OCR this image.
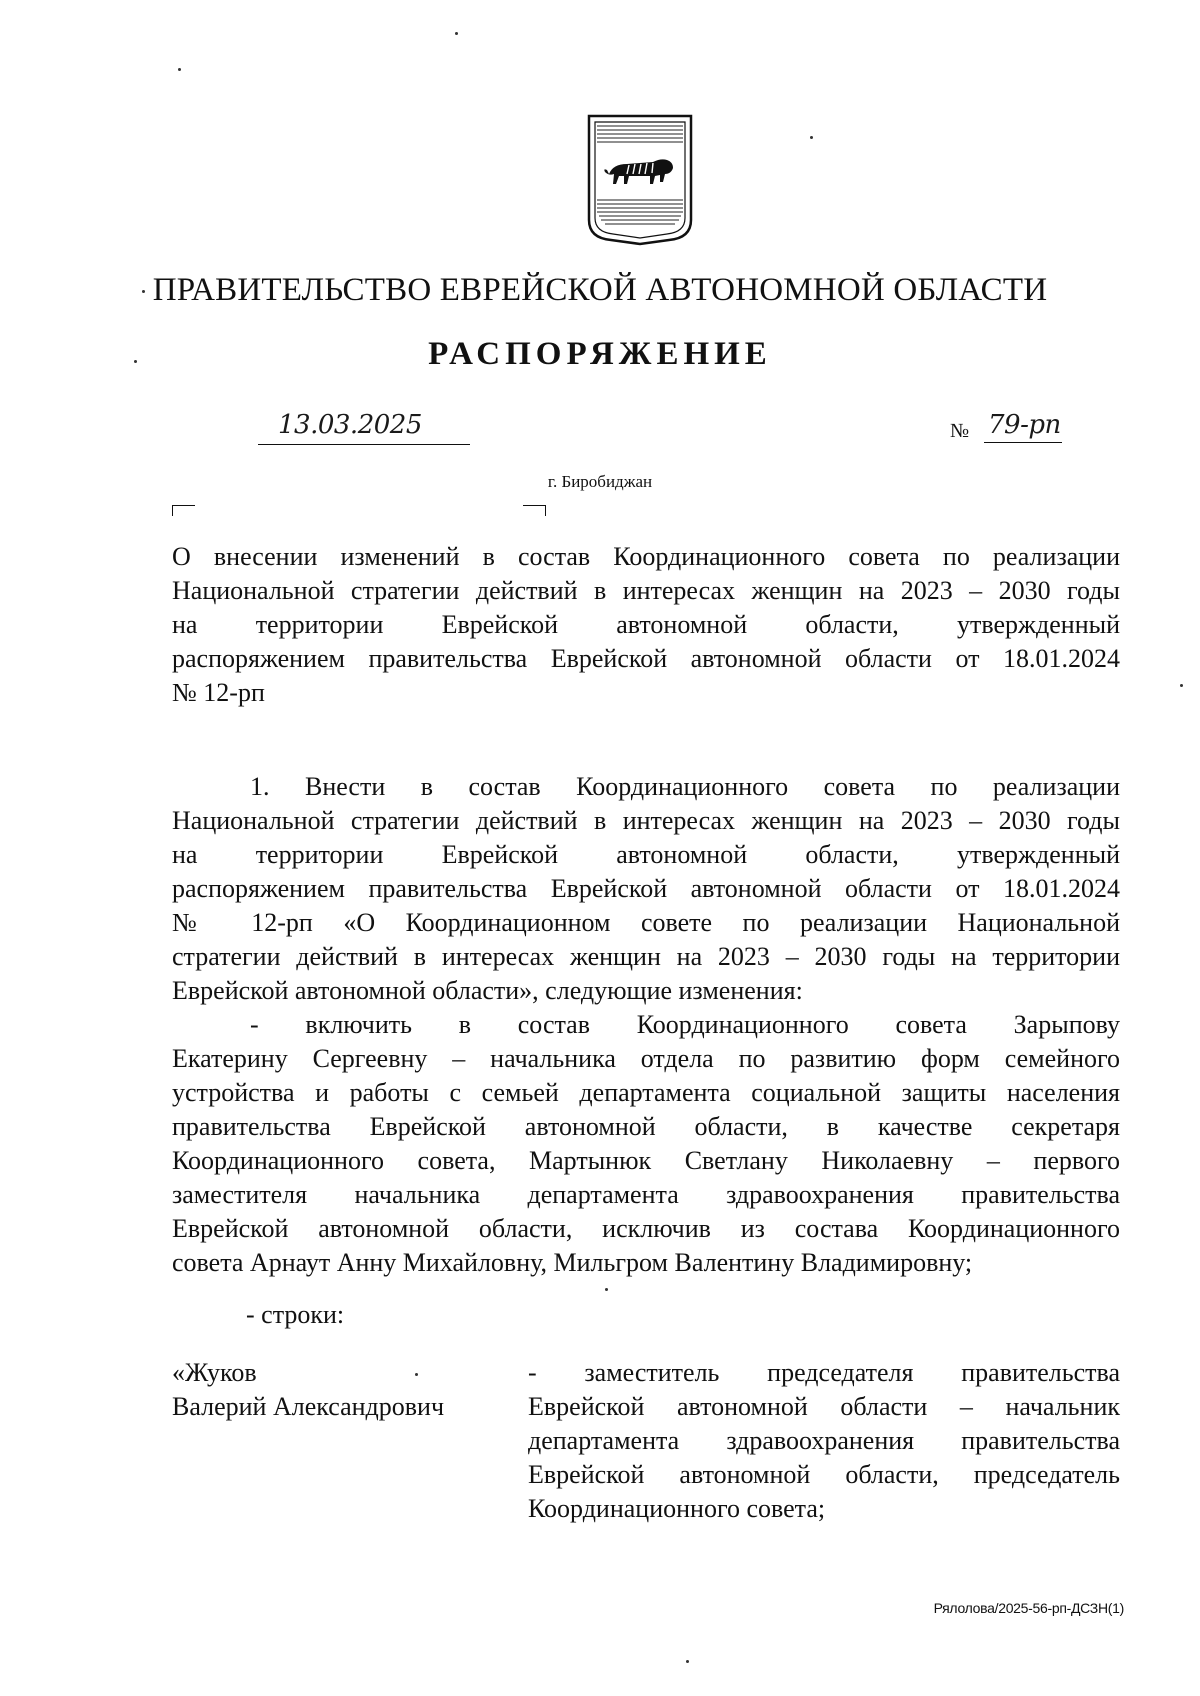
ПРАВИТЕЛЬСТВО ЕВРЕЙСКОЙ АВТОНОМНОЙ ОБЛАСТИ
РАСПОРЯЖЕНИЕ
13.03.2025	№ 79-рп
г. Биробиджан
О внесении изменений в состав Координационного совета по реализации
Национальной стратегии действий в интересах женщин на 2023 – 2030 годы
на территории Еврейской автономной области, утвержденный
распоряжением правительства Еврейской автономной области от 18.01.2024
№ 12-рп
1. Внести в состав Координационного совета по реализации
Национальной стратегии действий в интересах женщин на 2023 – 2030 годы
на территории Еврейской автономной области, утвержденный
распоряжением правительства Еврейской автономной области от 18.01.2024
№ 12-рп «О Координационном совете по реализации Национальной
стратегии действий в интересах женщин на 2023 – 2030 годы на территории
Еврейской автономной области», следующие изменения:
- включить в состав Координационного совета Зарыпову
Екатерину Сергеевну – начальника отдела по развитию форм семейного
устройства и работы с семьей департамента социальной защиты населения
правительства Еврейской автономной области, в качестве секретаря
Координационного совета, Мартынюк Светлану Николаевну – первого
заместителя начальника департамента здравоохранения правительства
Еврейской автономной области, исключив из состава Координационного
совета Арнаут Анну Михайловну, Мильгром Валентину Владимировну;
- строки:
«Жуков
Валерий Александрович
- заместитель председателя правительства
Еврейской автономной области – начальник
департамента здравоохранения правительства
Еврейской автономной области, председатель
Координационного совета;
Рялолова/2025-56-рп-ДСЗН(1)
